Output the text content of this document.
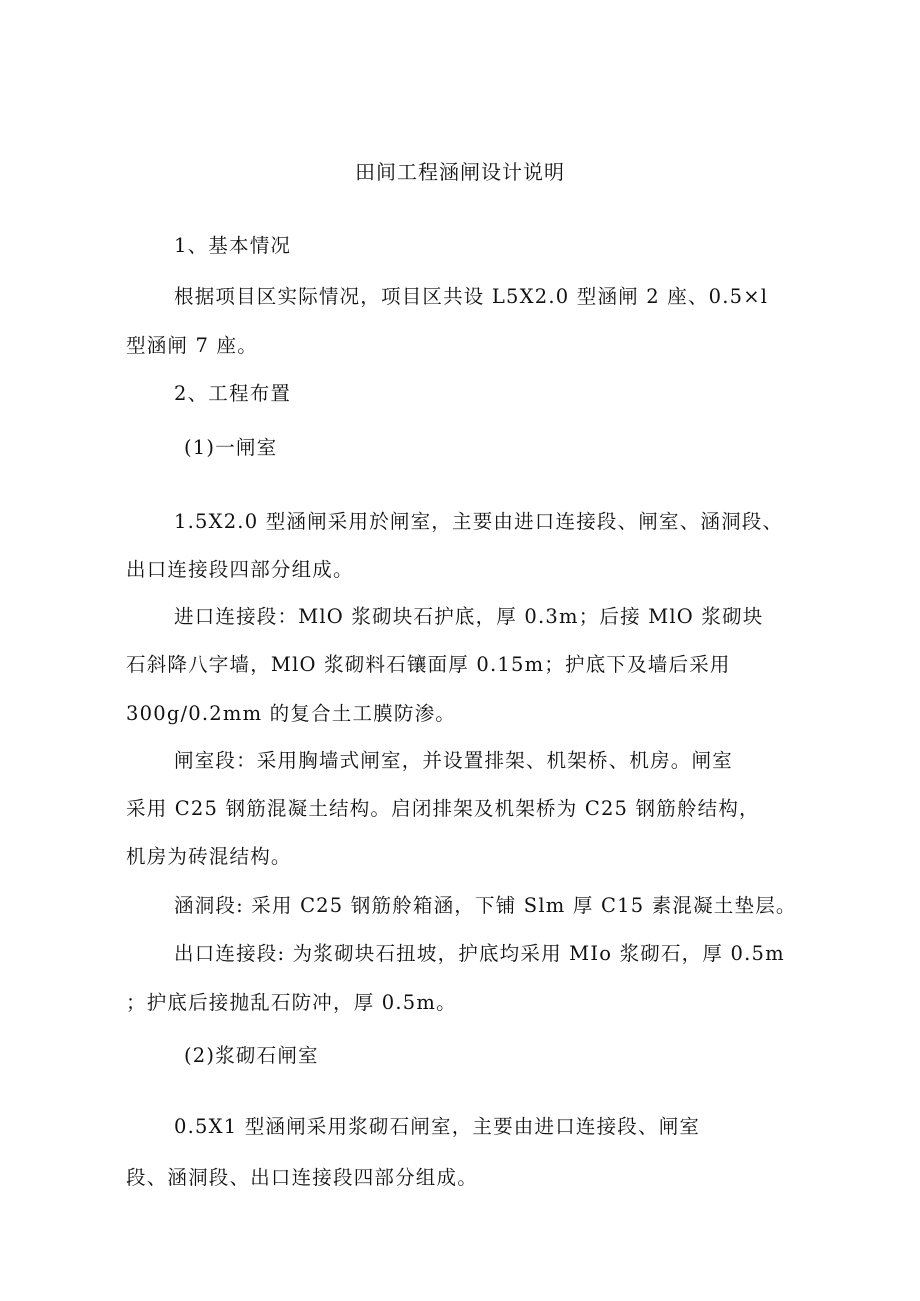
田间工程涵闸设计说明
1、基本情况
根据项目区实际情况，项目区共设 L5X2.0 型涵闸 2 座、0.5×l
型涵闸 7 座。
2、工程布置
(1)一闸室
1.5X2.0 型涵闸采用於闸室，主要由进口连接段、闸室、涵洞段、
出口连接段四部分组成。
进口连接段：MlO 浆砌块石护底，厚 0.3m；后接 MlO 浆砌块
石斜降八字墙，MlO 浆砌料石镶面厚 0.15m；护底下及墙后采用
300g∕0.2mm 的复合土工膜防渗。
闸室段：采用胸墙式闸室，并设置排架、机架桥、机房。闸室
采用 C25 钢筋混凝土结构。启闭排架及机架桥为 C25 钢筋舲结构，
机房为砖混结构。
涵洞段: 采用 C25 钢筋舲箱涵，下铺 Slm 厚 C15 素混凝土垫层。
出口连接段: 为浆砌块石扭坡，护底均采用 MIo 浆砌石，厚 0.5m
；护底后接抛乱石防冲，厚 0.5m。
(2)浆砌石闸室
0.5X1 型涵闸采用浆砌石闸室，主要由进口连接段、闸室
段、涵洞段、出口连接段四部分组成。
